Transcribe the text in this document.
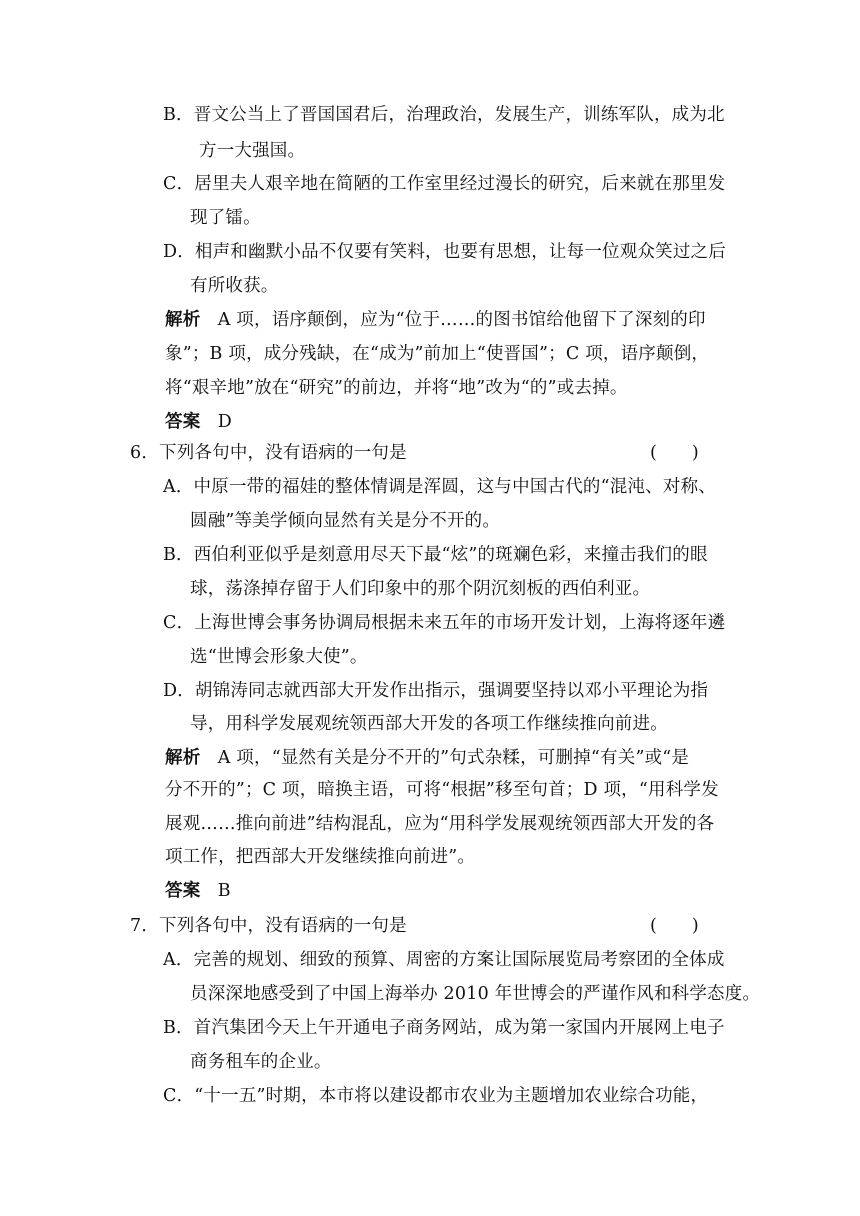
B．晋文公当上了晋国国君后，治理政治，发展生产，训练军队，成为北
方一大强国。
C．居里夫人艰辛地在简陋的工作室里经过漫长的研究，后来就在那里发
现了镭。
D．相声和幽默小品不仅要有笑料，也要有思想，让每一位观众笑过之后
有所收获。
解析 A 项，语序颠倒，应为“位于……的图书馆给他留下了深刻的印
象”；B 项，成分残缺，在“成为”前加上“使晋国”；C 项，语序颠倒，
将“艰辛地”放在“研究”的前边，并将“地”改为“的”或去掉。
答案 D
6．下列各句中，没有语病的一句是	(　　)
A．中原一带的福娃的整体情调是浑圆，这与中国古代的“混沌、对称、
圆融”等美学倾向显然有关是分不开的。
B．西伯利亚似乎是刻意用尽天下最“炫”的斑斓色彩，来撞击我们的眼
球，荡涤掉存留于人们印象中的那个阴沉刻板的西伯利亚。
C．上海世博会事务协调局根据未来五年的市场开发计划，上海将逐年遴
选“世博会形象大使”。
D．胡锦涛同志就西部大开发作出指示，强调要坚持以邓小平理论为指
导，用科学发展观统领西部大开发的各项工作继续推向前进。
解析 A 项，“显然有关是分不开的”句式杂糅，可删掉“有关”或“是
分不开的”；C 项，暗换主语，可将“根据”移至句首；D 项，“用科学发
展观……推向前进”结构混乱，应为“用科学发展观统领西部大开发的各
项工作，把西部大开发继续推向前进”。
答案 B
7．下列各句中，没有语病的一句是	(　　)
A．完善的规划、细致的预算、周密的方案让国际展览局考察团的全体成
员深深地感受到了中国上海举办 2010 年世博会的严谨作风和科学态度。
B．首汽集团今天上午开通电子商务网站，成为第一家国内开展网上电子
商务租车的企业。
C．“十一五”时期，本市将以建设都市农业为主题增加农业综合功能，
